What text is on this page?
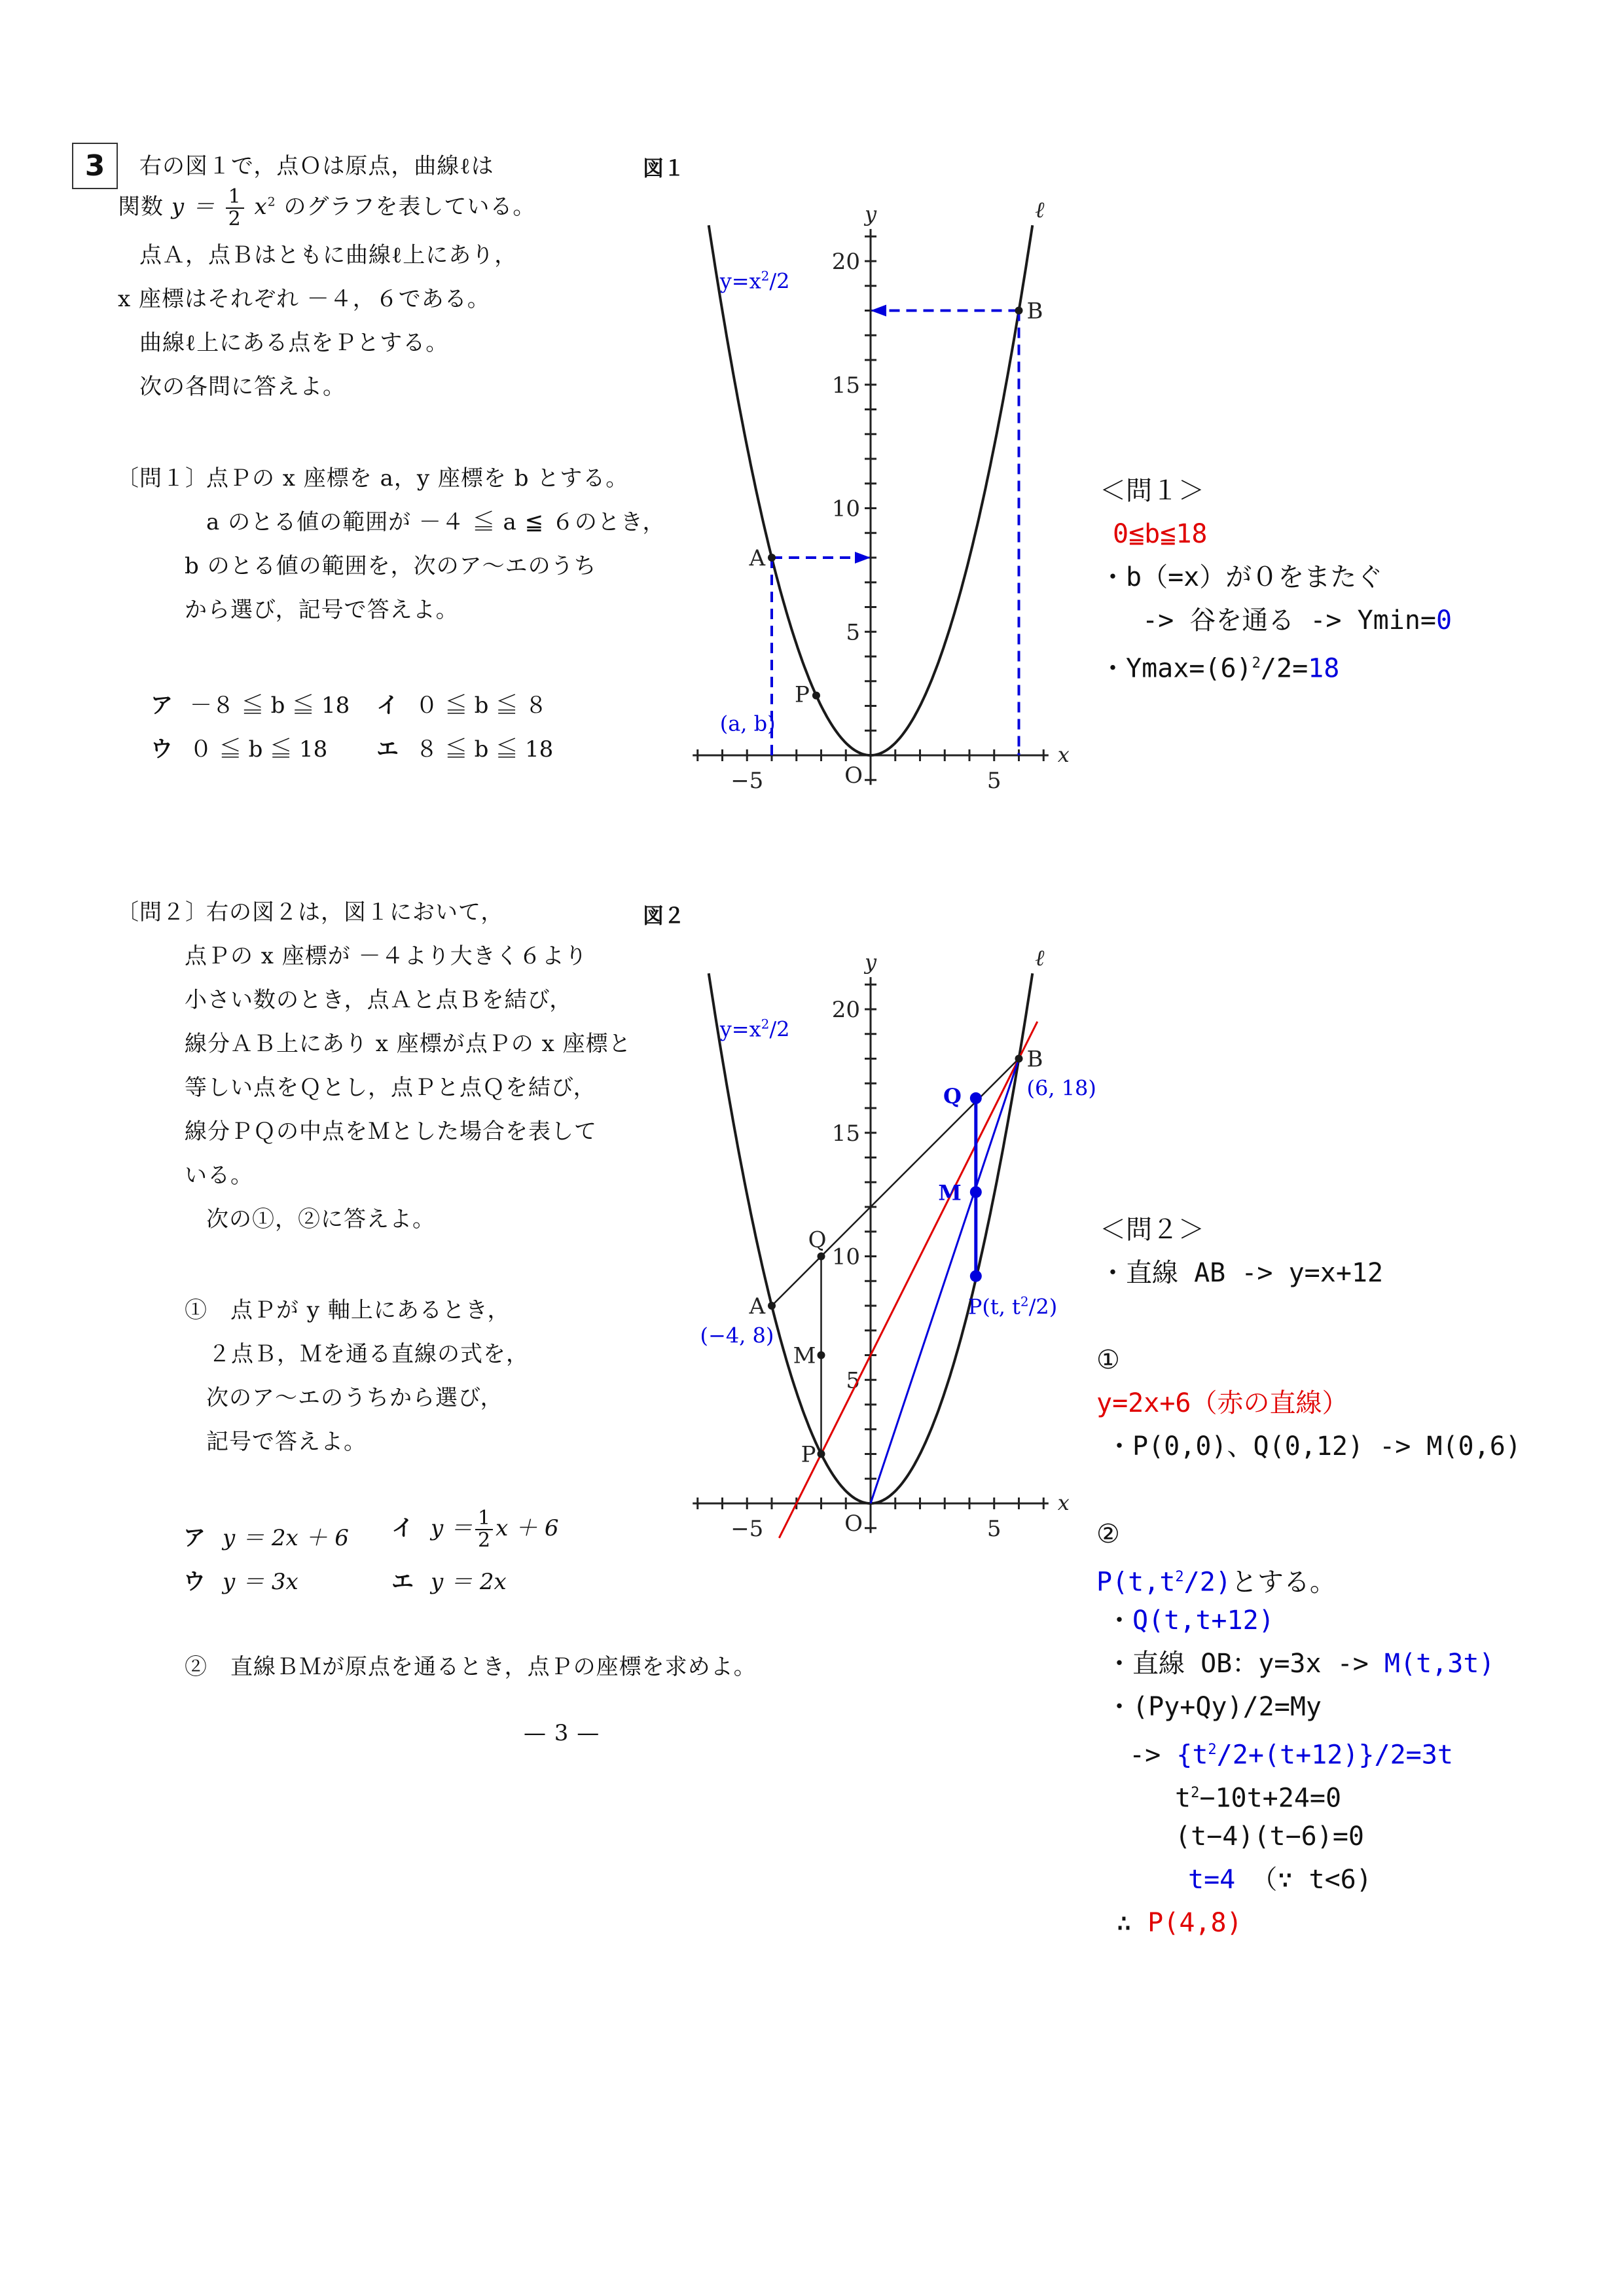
3	右の図１で，点Ｏは原点，曲線ℓは
関数 $y = \frac{1}{2} x^2$ のグラフを表している。
点Ａ，点Ｂはともに曲線ℓ上にあり，
x 座標はそれぞれ －４，６である。
曲線ℓ上にある点をＰとする。
次の各問に答えよ。
〔問１〕
点Ｐの x 座標を a，y 座標を b とする。
a のとる値の範囲が －４ ≦ a ≦ ６のとき，
b のとる値の範囲を，次のア～エのうち
から選び，記号で答えよ。
ア －８ ≦ b ≦ 18 イ ０ ≦ b ≦ ８
ウ ０ ≦ b ≦ 18 エ ８ ≦ b ≦ 18
〔問２〕
右の図２は，図１において，
点Ｐの x 座標が －４より大きく６より
小さい数のとき，点Ａと点Ｂを結び，
線分ＡＢ上にあり x 座標が点Ｐの x 座標と
等しい点をＱとし，点Ｐと点Ｑを結び，
線分ＰＱの中点をＭとした場合を表して
いる。
次の①，②に答えよ。
①　点Ｐが y 軸上にあるとき，
２点Ｂ，Ｍを通る直線の式を，
次のア～エのうちから選び，
記号で答えよ。
ア y ＝ 2x ＋ 6 イ $y = \frac{1}{2}$ x ＋ 6
ウ y ＝ 3x	エ y ＝ 2x
②　直線ＢＭが原点を通るとき，点Ｐの座標を求めよ。
— 3 —
図１
図２
5
10
15
20
−5	5
O
x
y	ℓ
$y=x^2/2$
A
B
P
(a, b)
5
10
15
20
−5	5
O
x
y	ℓ
$y=x^2/2$
A
(−4, 8)
B
(6, 18)
Q
M
P
Q
M
P(t, $t^2/2$)
＜問１＞
0≦b≦18
・b（=x）が０をまたぐ
-> 谷を通る -> Ymin=0
・$Ymax=(6)^2/2=18$
＜問２＞
・直線 AB -> y=x+12
①
y=2x+6（赤の直線）
・P(0,0)、Q(0,12) -> M(0,6)
②
$P(t,t^2/2)$とする。
・Q(t,t+12)
・直線 OB：y=3x -> M(t,3t)
・(Py+Qy)/2=My
-> $\{t^2/2+(t+12)\}/2=3t$
$t^2-10t+24=0$
(t−4)(t−6)=0
t=4 （∵ t<6)
∴ P(4,8)
